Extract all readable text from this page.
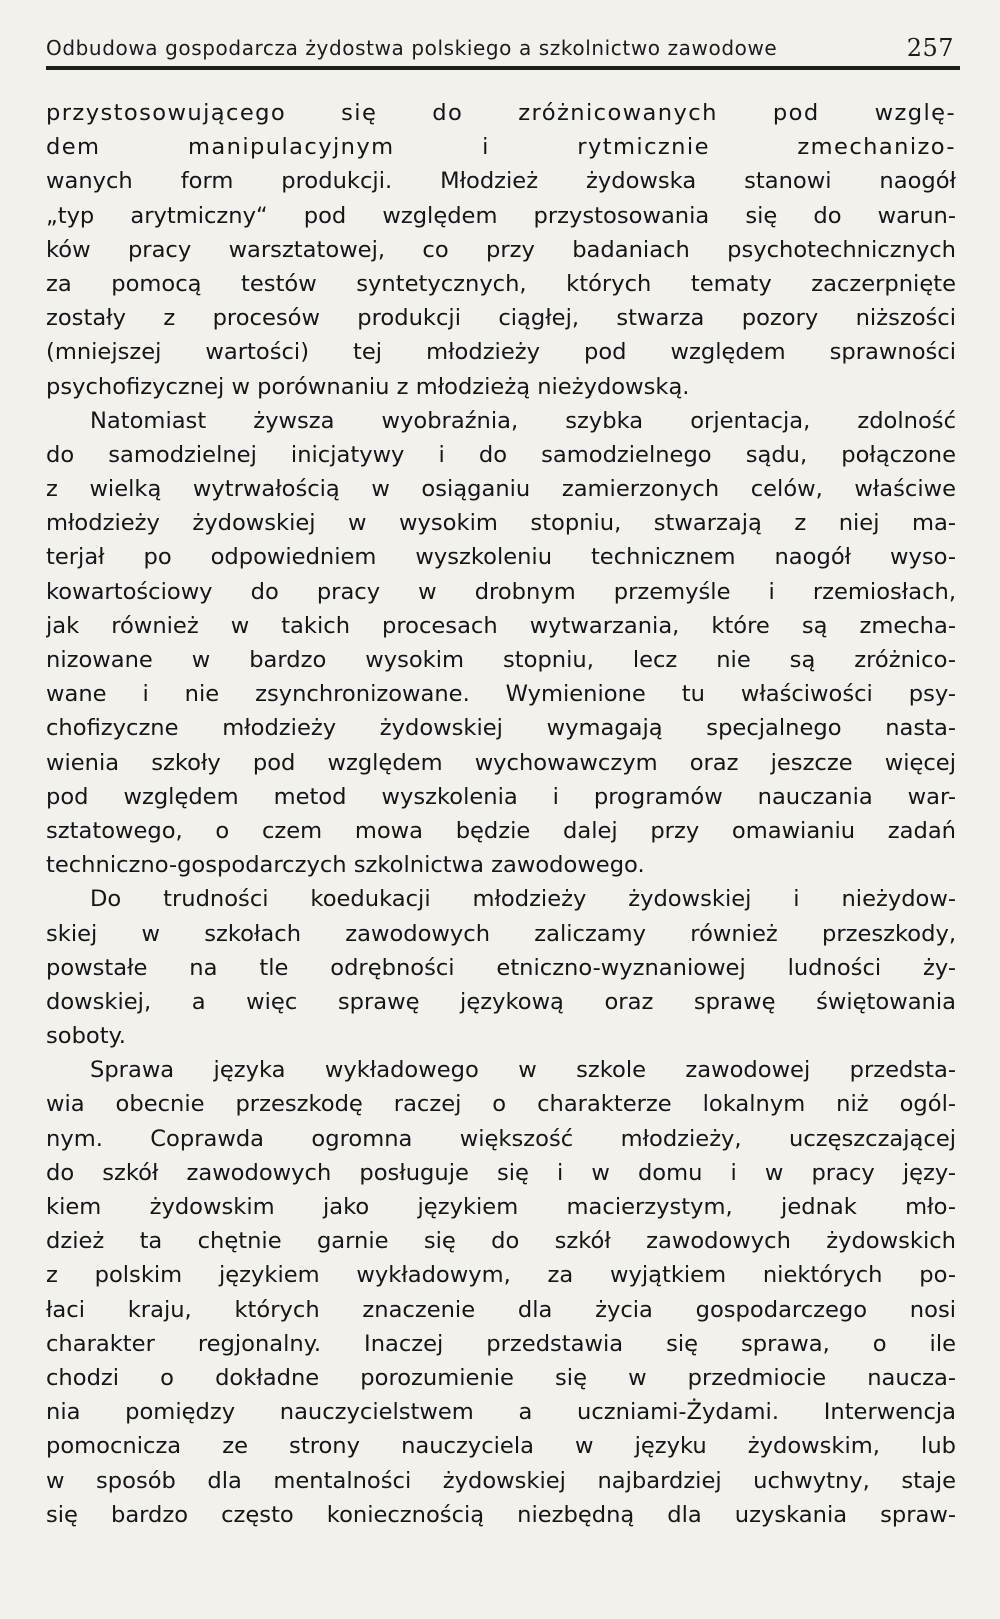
Odbudowa gospodarcza żydostwa polskiego a szkolnictwo zawodowe	257
przystosowującego się do zróżnicowanych pod wzglę-
dem manipulacyjnym i rytmicznie zmechanizo-
wanych form produkcji. Młodzież żydowska stanowi naogół
„typ arytmiczny“ pod względem przystosowania się do warun-
ków pracy warsztatowej, co przy badaniach psychotechnicznych
za pomocą testów syntetycznych, których tematy zaczerpnięte
zostały z procesów produkcji ciągłej, stwarza pozory niższości
(mniejszej wartości) tej młodzieży pod względem sprawności
psychofizycznej w porównaniu z młodzieżą nieżydowską.
Natomiast żywsza wyobraźnia, szybka orjentacja, zdolność
do samodzielnej inicjatywy i do samodzielnego sądu, połączone
z wielką wytrwałością w osiąganiu zamierzonych celów, właściwe
młodzieży żydowskiej w wysokim stopniu, stwarzają z niej ma-
terjał po odpowiedniem wyszkoleniu technicznem naogół wyso-
kowartościowy do pracy w drobnym przemyśle i rzemiosłach,
jak również w takich procesach wytwarzania, które są zmecha-
nizowane w bardzo wysokim stopniu, lecz nie są zróżnico-
wane i nie zsynchronizowane. Wymienione tu właściwości psy-
chofizyczne młodzieży żydowskiej wymagają specjalnego nasta-
wienia szkoły pod względem wychowawczym oraz jeszcze więcej
pod względem metod wyszkolenia i programów nauczania war-
sztatowego, o czem mowa będzie dalej przy omawianiu zadań
techniczno-gospodarczych szkolnictwa zawodowego.
Do trudności koedukacji młodzieży żydowskiej i nieżydow-
skiej w szkołach zawodowych zaliczamy również przeszkody,
powstałe na tle odrębności etniczno-wyznaniowej ludności ży-
dowskiej, a więc sprawę językową oraz sprawę świętowania
soboty.
Sprawa języka wykładowego w szkole zawodowej przedsta-
wia obecnie przeszkodę raczej o charakterze lokalnym niż ogól-
nym. Coprawda ogromna większość młodzieży, uczęszczającej
do szkół zawodowych posługuje się i w domu i w pracy języ-
kiem żydowskim jako językiem macierzystym, jednak mło-
dzież ta chętnie garnie się do szkół zawodowych żydowskich
z polskim językiem wykładowym, za wyjątkiem niektórych po-
łaci kraju, których znaczenie dla życia gospodarczego nosi
charakter regjonalny. Inaczej przedstawia się sprawa, o ile
chodzi o dokładne porozumienie się w przedmiocie naucza-
nia pomiędzy nauczycielstwem a uczniami-Żydami. Interwencja
pomocnicza ze strony nauczyciela w języku żydowskim, lub
w sposób dla mentalności żydowskiej najbardziej uchwytny, staje
się bardzo często koniecznością niezbędną dla uzyskania spraw-
